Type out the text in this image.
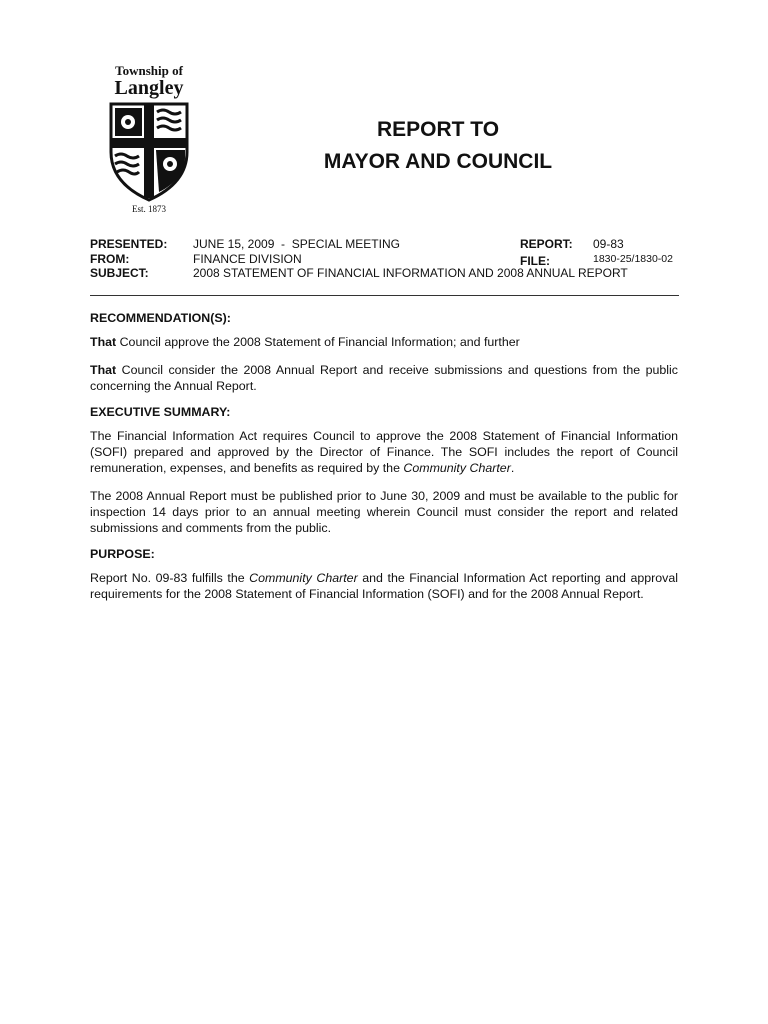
Township of
Langley
Est. 1873
REPORT TO
MAYOR AND COUNCIL
PRESENTED: JUNE 15, 2009  -  SPECIAL MEETING	REPORT: 09-83
FROM:	FINANCE DIVISION	FILE:	1830-25/1830-02
SUBJECT:	2008 STATEMENT OF FINANCIAL INFORMATION AND 2008 ANNUAL REPORT
RECOMMENDATION(S):

That Council approve the 2008 Statement of Financial Information; and further

That Council consider the 2008 Annual Report and receive submissions and questions from the public concerning the Annual Report.

EXECUTIVE SUMMARY:

The Financial Information Act requires Council to approve the 2008 Statement of Financial Information (SOFI) prepared and approved by the Director of Finance. The SOFI includes the report of Council remuneration, expenses, and benefits as required by the Community Charter.

The 2008 Annual Report must be published prior to June 30, 2009 and must be available to the public for inspection 14 days prior to an annual meeting wherein Council must consider the report and related submissions and comments from the public.

PURPOSE:

Report No. 09-83 fulfills the Community Charter and the Financial Information Act reporting and approval requirements for the 2008 Statement of Financial Information (SOFI) and for the 2008 Annual Report.
